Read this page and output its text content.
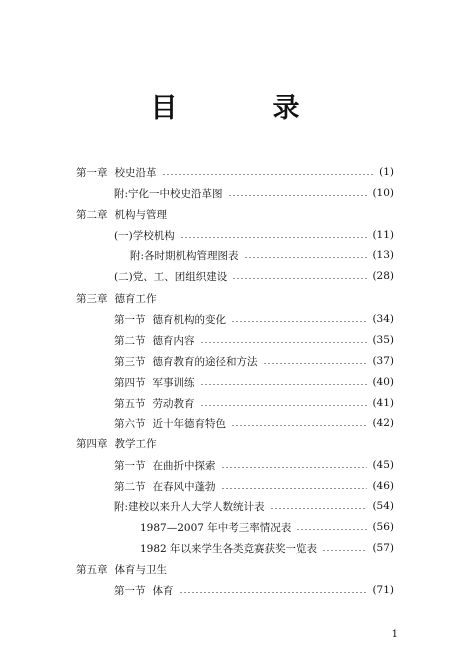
目　录
第一章 校史沿革	(1)
附:宁化一中校史沿革图	(10)
第二章 机构与管理
(一)学校机构	(11)
附:各时期机构管理图表	(13)
(二)党、工、团组织建设	(28)
第三章 德育工作
第一节 德育机构的变化	(34)
第二节 德育内容	(35)
第三节 德育教育的途径和方法	(37)
第四节 军事训练	(40)
第五节 劳动教育	(41)
第六节 近十年德育特色	(42)
第四章 教学工作
第一节 在曲折中探索	(45)
第二节 在春风中蓬勃	(46)
附:建校以来升人大学人数统计表	(54)
1987—2007 年中考三率情况表	(56)
1982 年以来学生各类竞赛获奖一览表	(57)
第五章 体育与卫生
第一节 体育	(71)
1
